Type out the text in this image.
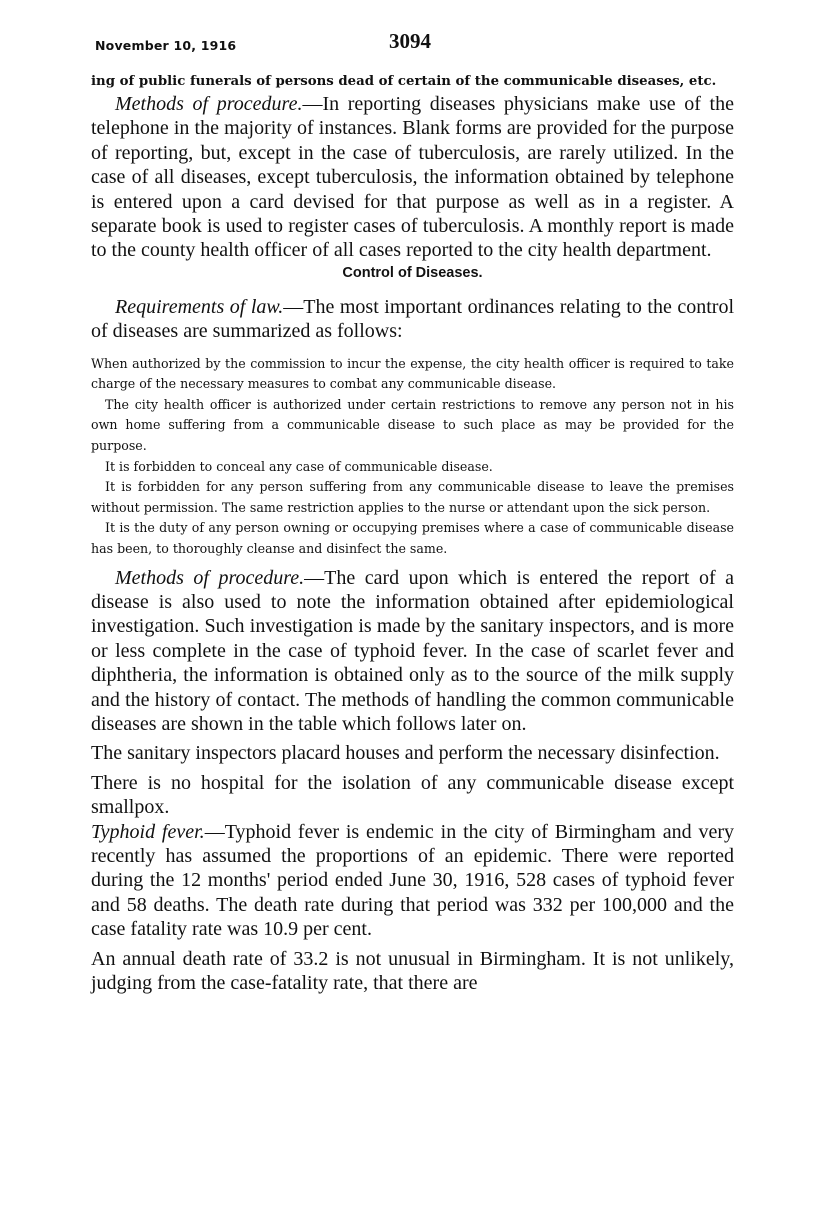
November 10, 1916	3094

ing of public funerals of persons dead of certain of the communicable diseases, etc.

Methods of procedure.—In reporting diseases physicians make use of the telephone in the majority of instances. Blank forms are provided for the purpose of reporting, but, except in the case of tuberculosis, are rarely utilized. In the case of all diseases, except tuberculosis, the information obtained by telephone is entered upon a card devised for that purpose as well as in a register. A separate book is used to register cases of tuberculosis. A monthly report is made to the county health officer of all cases reported to the city health department.

Control of Diseases.

Requirements of law.—The most important ordinances relating to the control of diseases are summarized as follows:

When authorized by the commission to incur the expense, the city health officer is required to take charge of the necessary measures to combat any communicable disease.

The city health officer is authorized under certain restrictions to remove any person not in his own home suffering from a communicable disease to such place as may be provided for the purpose.

It is forbidden to conceal any case of communicable disease.

It is forbidden for any person suffering from any communicable disease to leave the premises without permission. The same restriction applies to the nurse or attendant upon the sick person.

It is the duty of any person owning or occupying premises where a case of communicable disease has been, to thoroughly cleanse and disinfect the same.

Methods of procedure.—The card upon which is entered the report of a disease is also used to note the information obtained after epidemiological investigation. Such investigation is made by the sanitary inspectors, and is more or less complete in the case of typhoid fever. In the case of scarlet fever and diphtheria, the information is obtained only as to the source of the milk supply and the history of contact. The methods of handling the common communicable diseases are shown in the table which follows later on.

The sanitary inspectors placard houses and perform the necessary disinfection.

There is no hospital for the isolation of any communicable disease except smallpox.

Typhoid fever.—Typhoid fever is endemic in the city of Birmingham and very recently has assumed the proportions of an epidemic. There were reported during the 12 months' period ended June 30, 1916, 528 cases of typhoid fever and 58 deaths. The death rate during that period was 332 per 100,000 and the case fatality rate was 10.9 per cent.

An annual death rate of 33.2 is not unusual in Birmingham. It is not unlikely, judging from the case-fatality rate, that there are
